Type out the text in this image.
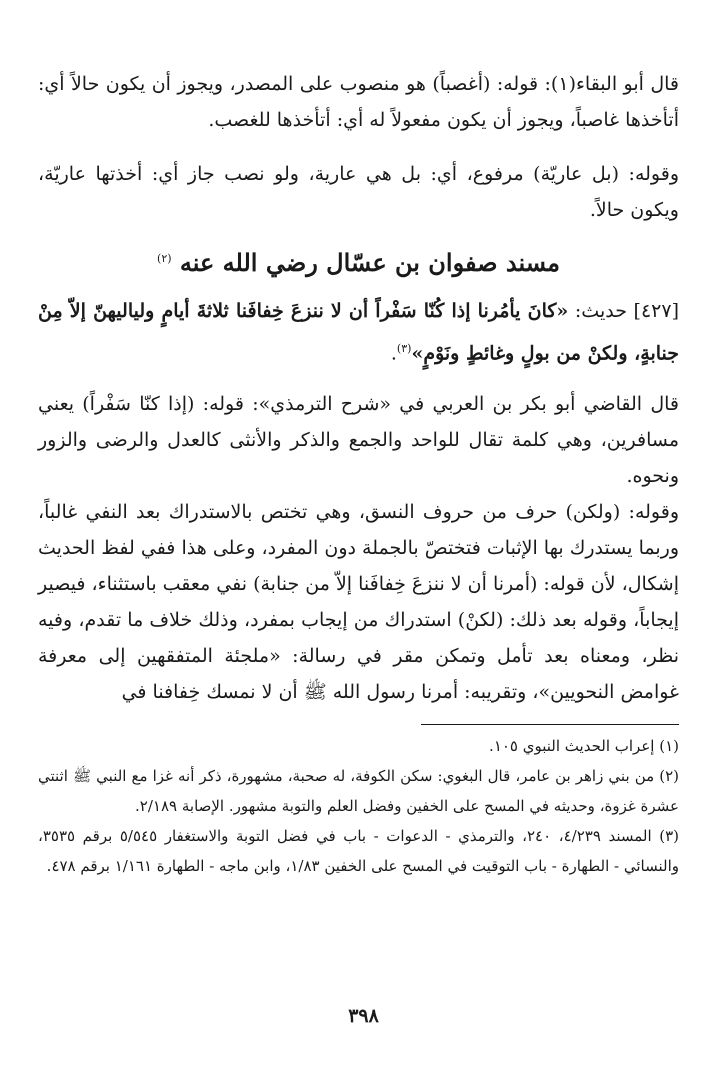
قال أبو البقاء(١): قوله: (أغصباً) هو منصوب على المصدر، ويجوز أن يكون حالاً أي: أتأخذها غاصباً، ويجوز أن يكون مفعولاً له أي: أتأخذها للغصب.

وقوله: (بل عاريّة) مرفوع، أي: بل هي عارية، ولو نصب جاز أي: أخذتها عاريّة، ويكون حالاً.

مسند صفوان بن عسّال رضي الله عنه $^{(٢)}$

[٤٢٧] حديث: «كانَ يأمُرنا إذا كُنّا سَفْراً أن لا ننزعَ خِفافَنا ثلاثةَ أيامٍ ولياليهنّ إلاّ مِنْ جنابةٍ، ولكنْ من بولٍ وغائطٍ ونَوْمٍ»$^{(٣)}$.

قال القاضي أبو بكر بن العربي في «شرح الترمذي»: قوله: (إذا كنّا سَفْراً) يعني مسافرين، وهي كلمة تقال للواحد والجمع والذكر والأنثى كالعدل والرضى والزور ونحوه.

وقوله: (ولكن) حرف من حروف النسق، وهي تختص بالاستدراك بعد النفي غالباً، وربما يستدرك بها الإثبات فتختصّ بالجملة دون المفرد، وعلى هذا ففي لفظ الحديث إشكال، لأن قوله: (أمرنا أن لا ننزعَ خِفافَنا إلاّ من جنابة) نفي معقب باستثناء، فيصير إيجاباً، وقوله بعد ذلك: (لكنْ) استدراك من إيجاب بمفرد، وذلك خلاف ما تقدم، وفيه نظر، ومعناه بعد تأمل وتمكن مقر في رسالة: «ملجئة المتفقهين إلى معرفة غوامض النحويين»، وتقريبه: أمرنا رسول الله ﷺ أن لا نمسك خِفافنا في

(١) إعراب الحديث النبوي ١٠٥.

(٢) من بني زاهر بن عامر، قال البغوي: سكن الكوفة، له صحبة، مشهورة، ذكر أنه غزا مع النبي ﷺ اثنتي عشرة غزوة، وحديثه في المسح على الخفين وفضل العلم والتوبة مشهور. الإصابة ٢/١٨٩.

(٣) المسند ٤/٢٣٩، ٢٤٠، والترمذي - الدعوات - باب في فضل التوبة والاستغفار ٥/٥٤٥ برقم ٣٥٣٥، والنسائي - الطهارة - باب التوقيت في المسح على الخفين ١/٨٣، وابن ماجه - الطهارة ١/١٦١ برقم ٤٧٨.

٣٩٨
